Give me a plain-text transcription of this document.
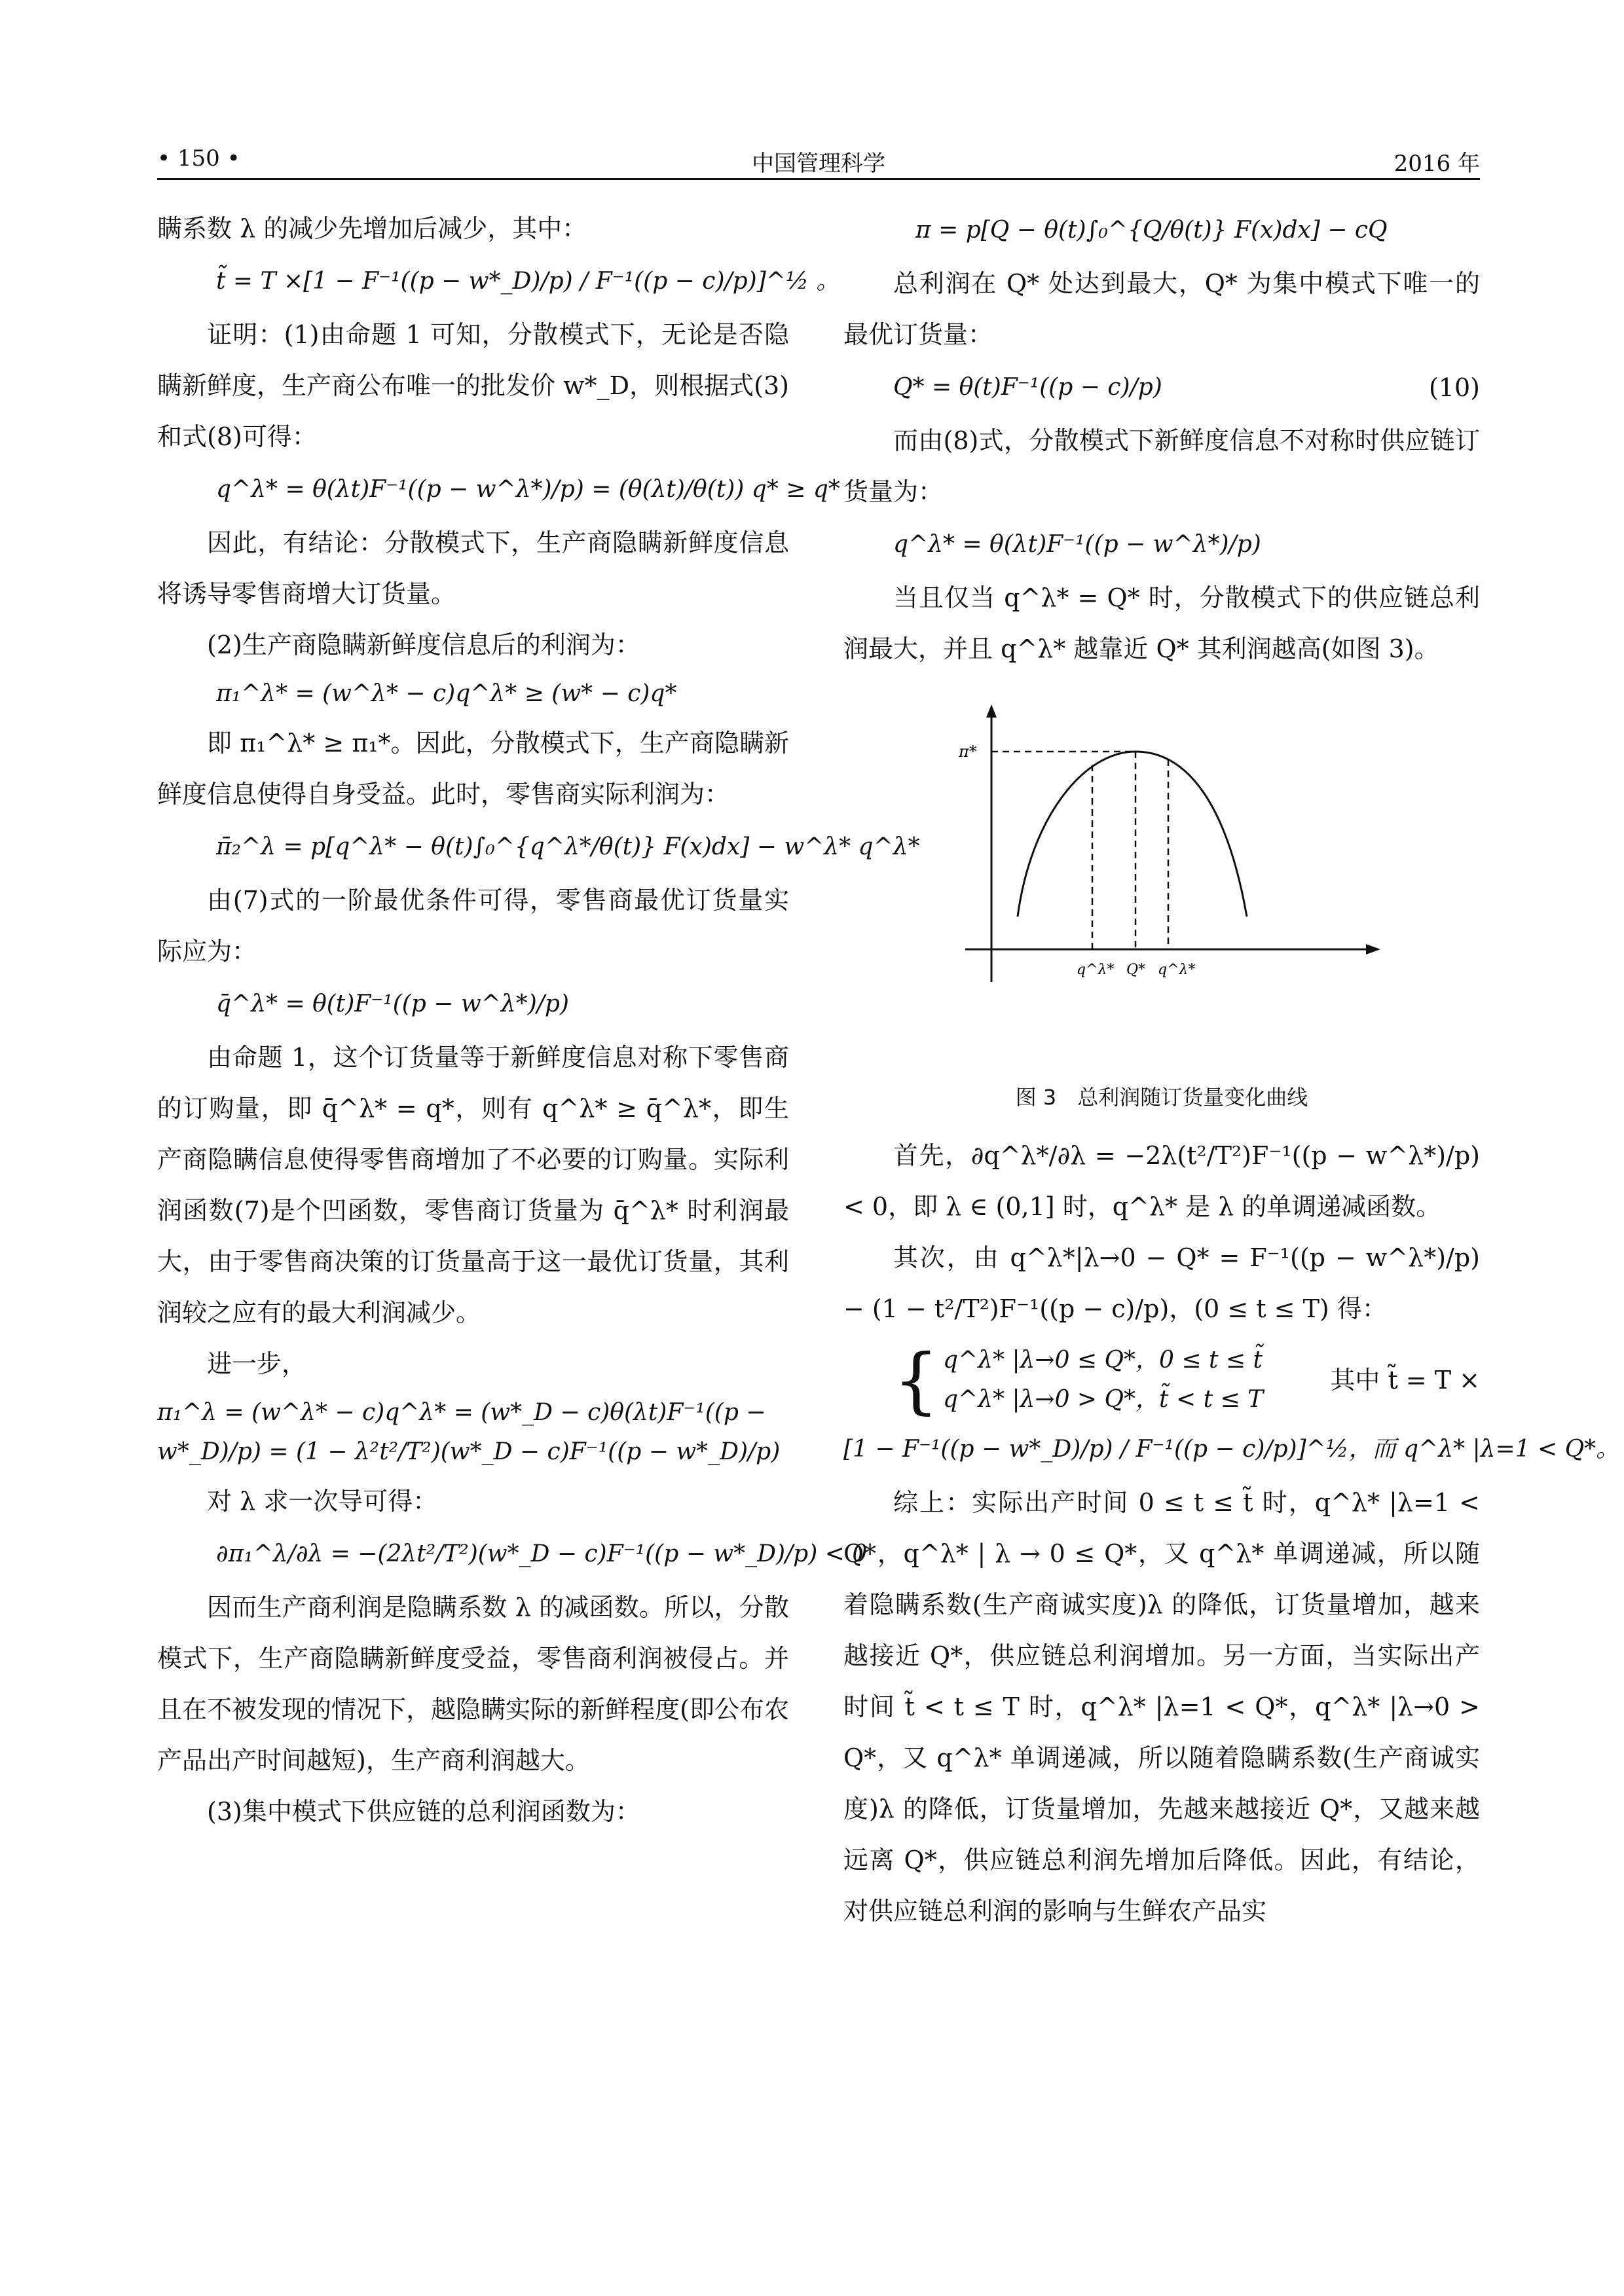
• 150 •	中国管理科学	2016 年

瞒系数 λ 的减少先增加后减少，其中：

t̃ = T ×[1 − F⁻¹((p − w*_D)/p) / F⁻¹((p − c)/p)]^½ 。

证明：(1)由命题 1 可知，分散模式下，无论是否隐瞒新鲜度，生产商公布唯一的批发价 w*_D，则根据式(3)和式(8)可得：

q^λ* = θ(λt)F⁻¹((p − w^λ*)/p) = (θ(λt)/θ(t)) q* ≥ q*

因此，有结论：分散模式下，生产商隐瞒新鲜度信息将诱导零售商增大订货量。

(2)生产商隐瞒新鲜度信息后的利润为：

π₁^λ* = (w^λ* − c)q^λ* ≥ (w* − c)q*

即 π₁^λ* ≥ π₁*。因此，分散模式下，生产商隐瞒新鲜度信息使得自身受益。此时，零售商实际利润为：

π̄₂^λ = p[q^λ* − θ(t)∫₀^{q^λ*/θ(t)} F(x)dx] − w^λ* q^λ*

由(7)式的一阶最优条件可得，零售商最优订货量实际应为：

q̄^λ* = θ(t)F⁻¹((p − w^λ*)/p)

由命题 1，这个订货量等于新鲜度信息对称下零售商的订购量，即 q̄^λ* = q*，则有 q^λ* ≥ q̄^λ*，即生产商隐瞒信息使得零售商增加了不必要的订购量。实际利润函数(7)是个凹函数，零售商订货量为 q̄^λ* 时利润最大，由于零售商决策的订货量高于这一最优订货量，其利润较之应有的最大利润减少。

进一步，

π₁^λ = (w^λ* − c)q^λ* = (w*_D − c)θ(λt)F⁻¹((p − w*_D)/p) = (1 − λ²t²/T²)(w*_D − c)F⁻¹((p − w*_D)/p)

对 λ 求一次导可得：

∂π₁^λ/∂λ = −(2λt²/T²)(w*_D − c)F⁻¹((p − w*_D)/p) < 0

因而生产商利润是隐瞒系数 λ 的减函数。所以，分散模式下，生产商隐瞒新鲜度受益，零售商利润被侵占。并且在不被发现的情况下，越隐瞒实际的新鲜程度(即公布农产品出产时间越短)，生产商利润越大。

(3)集中模式下供应链的总利润函数为：

π = p[Q − θ(t)∫₀^{Q/θ(t)} F(x)dx] − cQ

总利润在 Q* 处达到最大，Q* 为集中模式下唯一的最优订货量：

Q* = θ(t)F⁻¹((p − c)/p)	(10)

而由(8)式，分散模式下新鲜度信息不对称时供应链订货量为：

q^λ* = θ(λt)F⁻¹((p − w^λ*)/p)

当且仅当 q^λ* = Q* 时，分散模式下的供应链总利润最大，并且 q^λ* 越靠近 Q* 其利润越高(如图 3)。

π*
q^λ* Q* q^λ*
图 3　总利润随订货量变化曲线

首先，∂q^λ*/∂λ = −2λ(t²/T²)F⁻¹((p − w^λ*)/p) < 0，即 λ ∈ (0,1] 时，q^λ* 是 λ 的单调递减函数。

其次，由 q^λ*|λ→0 − Q* = F⁻¹((p − w^λ*)/p) − (1 − t²/T²)F⁻¹((p − c)/p)，(0 ≤ t ≤ T) 得：

{ q^λ* |λ→0 ≤ Q*，0 ≤ t ≤ t̃
q^λ* |λ→0 > Q*，t̃ < t ≤ T
其中 t̃ = T ×
[1 − F⁻¹((p − w*_D)/p) / F⁻¹((p − c)/p)]^½，而 q^λ* |λ=1 < Q*。

综上：实际出产时间 0 ≤ t ≤ t̃ 时，q^λ* |λ=1 < Q*，q^λ* | λ → 0 ≤ Q*，又 q^λ* 单调递减，所以随着隐瞒系数(生产商诚实度)λ 的降低，订货量增加，越来越接近 Q*，供应链总利润增加。另一方面，当实际出产时间 t̃ < t ≤ T 时，q^λ* |λ=1 < Q*，q^λ* |λ→0 > Q*，又 q^λ* 单调递减，所以随着隐瞒系数(生产商诚实度)λ 的降低，订货量增加，先越来越接近 Q*，又越来越远离 Q*，供应链总利润先增加后降低。因此，有结论，对供应链总利润的影响与生鲜农产品实
